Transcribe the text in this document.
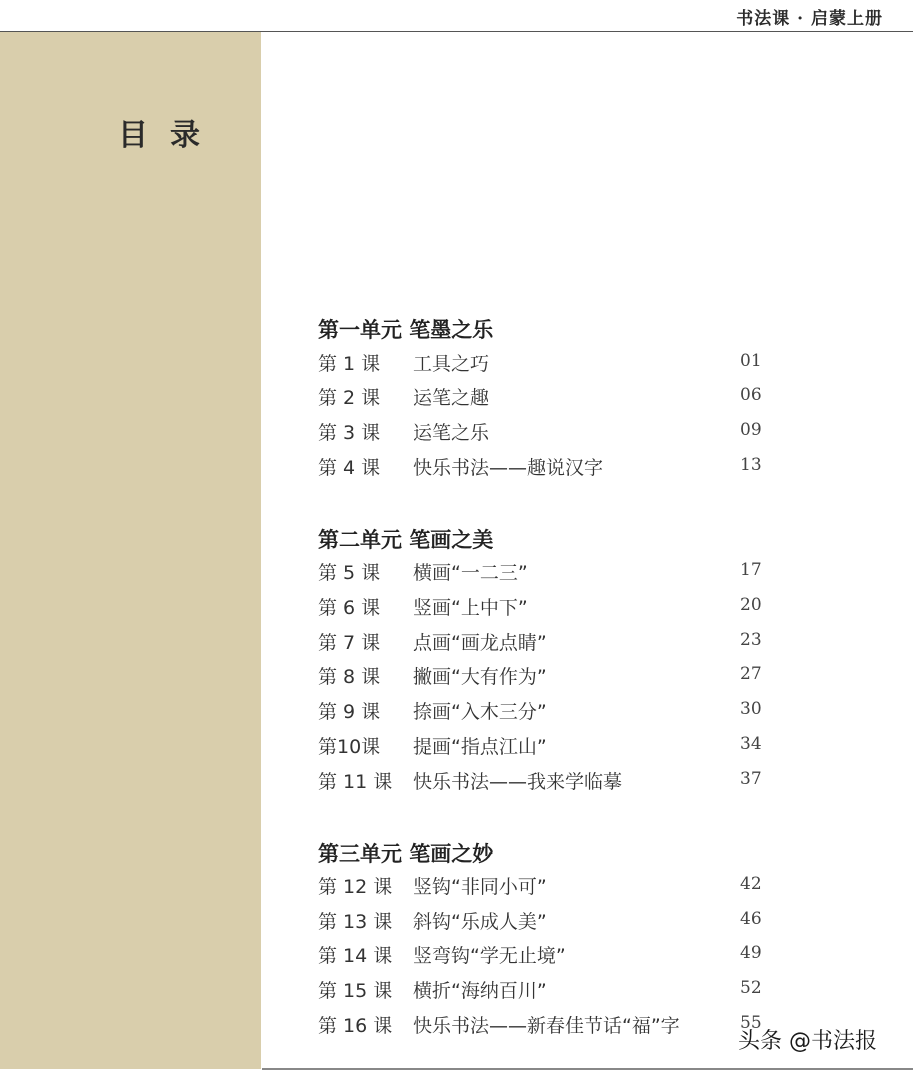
书法课 · 启蒙上册
目录
第一单元 笔墨之乐
第 1 课 工具之巧	01
第 2 课 运笔之趣	06
第 3 课 运笔之乐	09
第 4 课 快乐书法——趣说汉字	13
第二单元 笔画之美
第 5 课 横画“一二三”	17
第 6 课 竖画“上中下”	20
第 7 课 点画“画龙点睛”	23
第 8 课 撇画“大有作为”	27
第 9 课 捺画“入木三分”	30
第10课 提画“指点江山”	34
第 11 课 快乐书法——我来学临摹	37
第三单元 笔画之妙
第 12 课 竖钩“非同小可”	42
第 13 课 斜钩“乐成人美”	46
第 14 课 竖弯钩“学无止境”	49
第 15 课 横折“海纳百川”	52
第 16 课 快乐书法——新春佳节话“福”字	55
头条 @书法报
